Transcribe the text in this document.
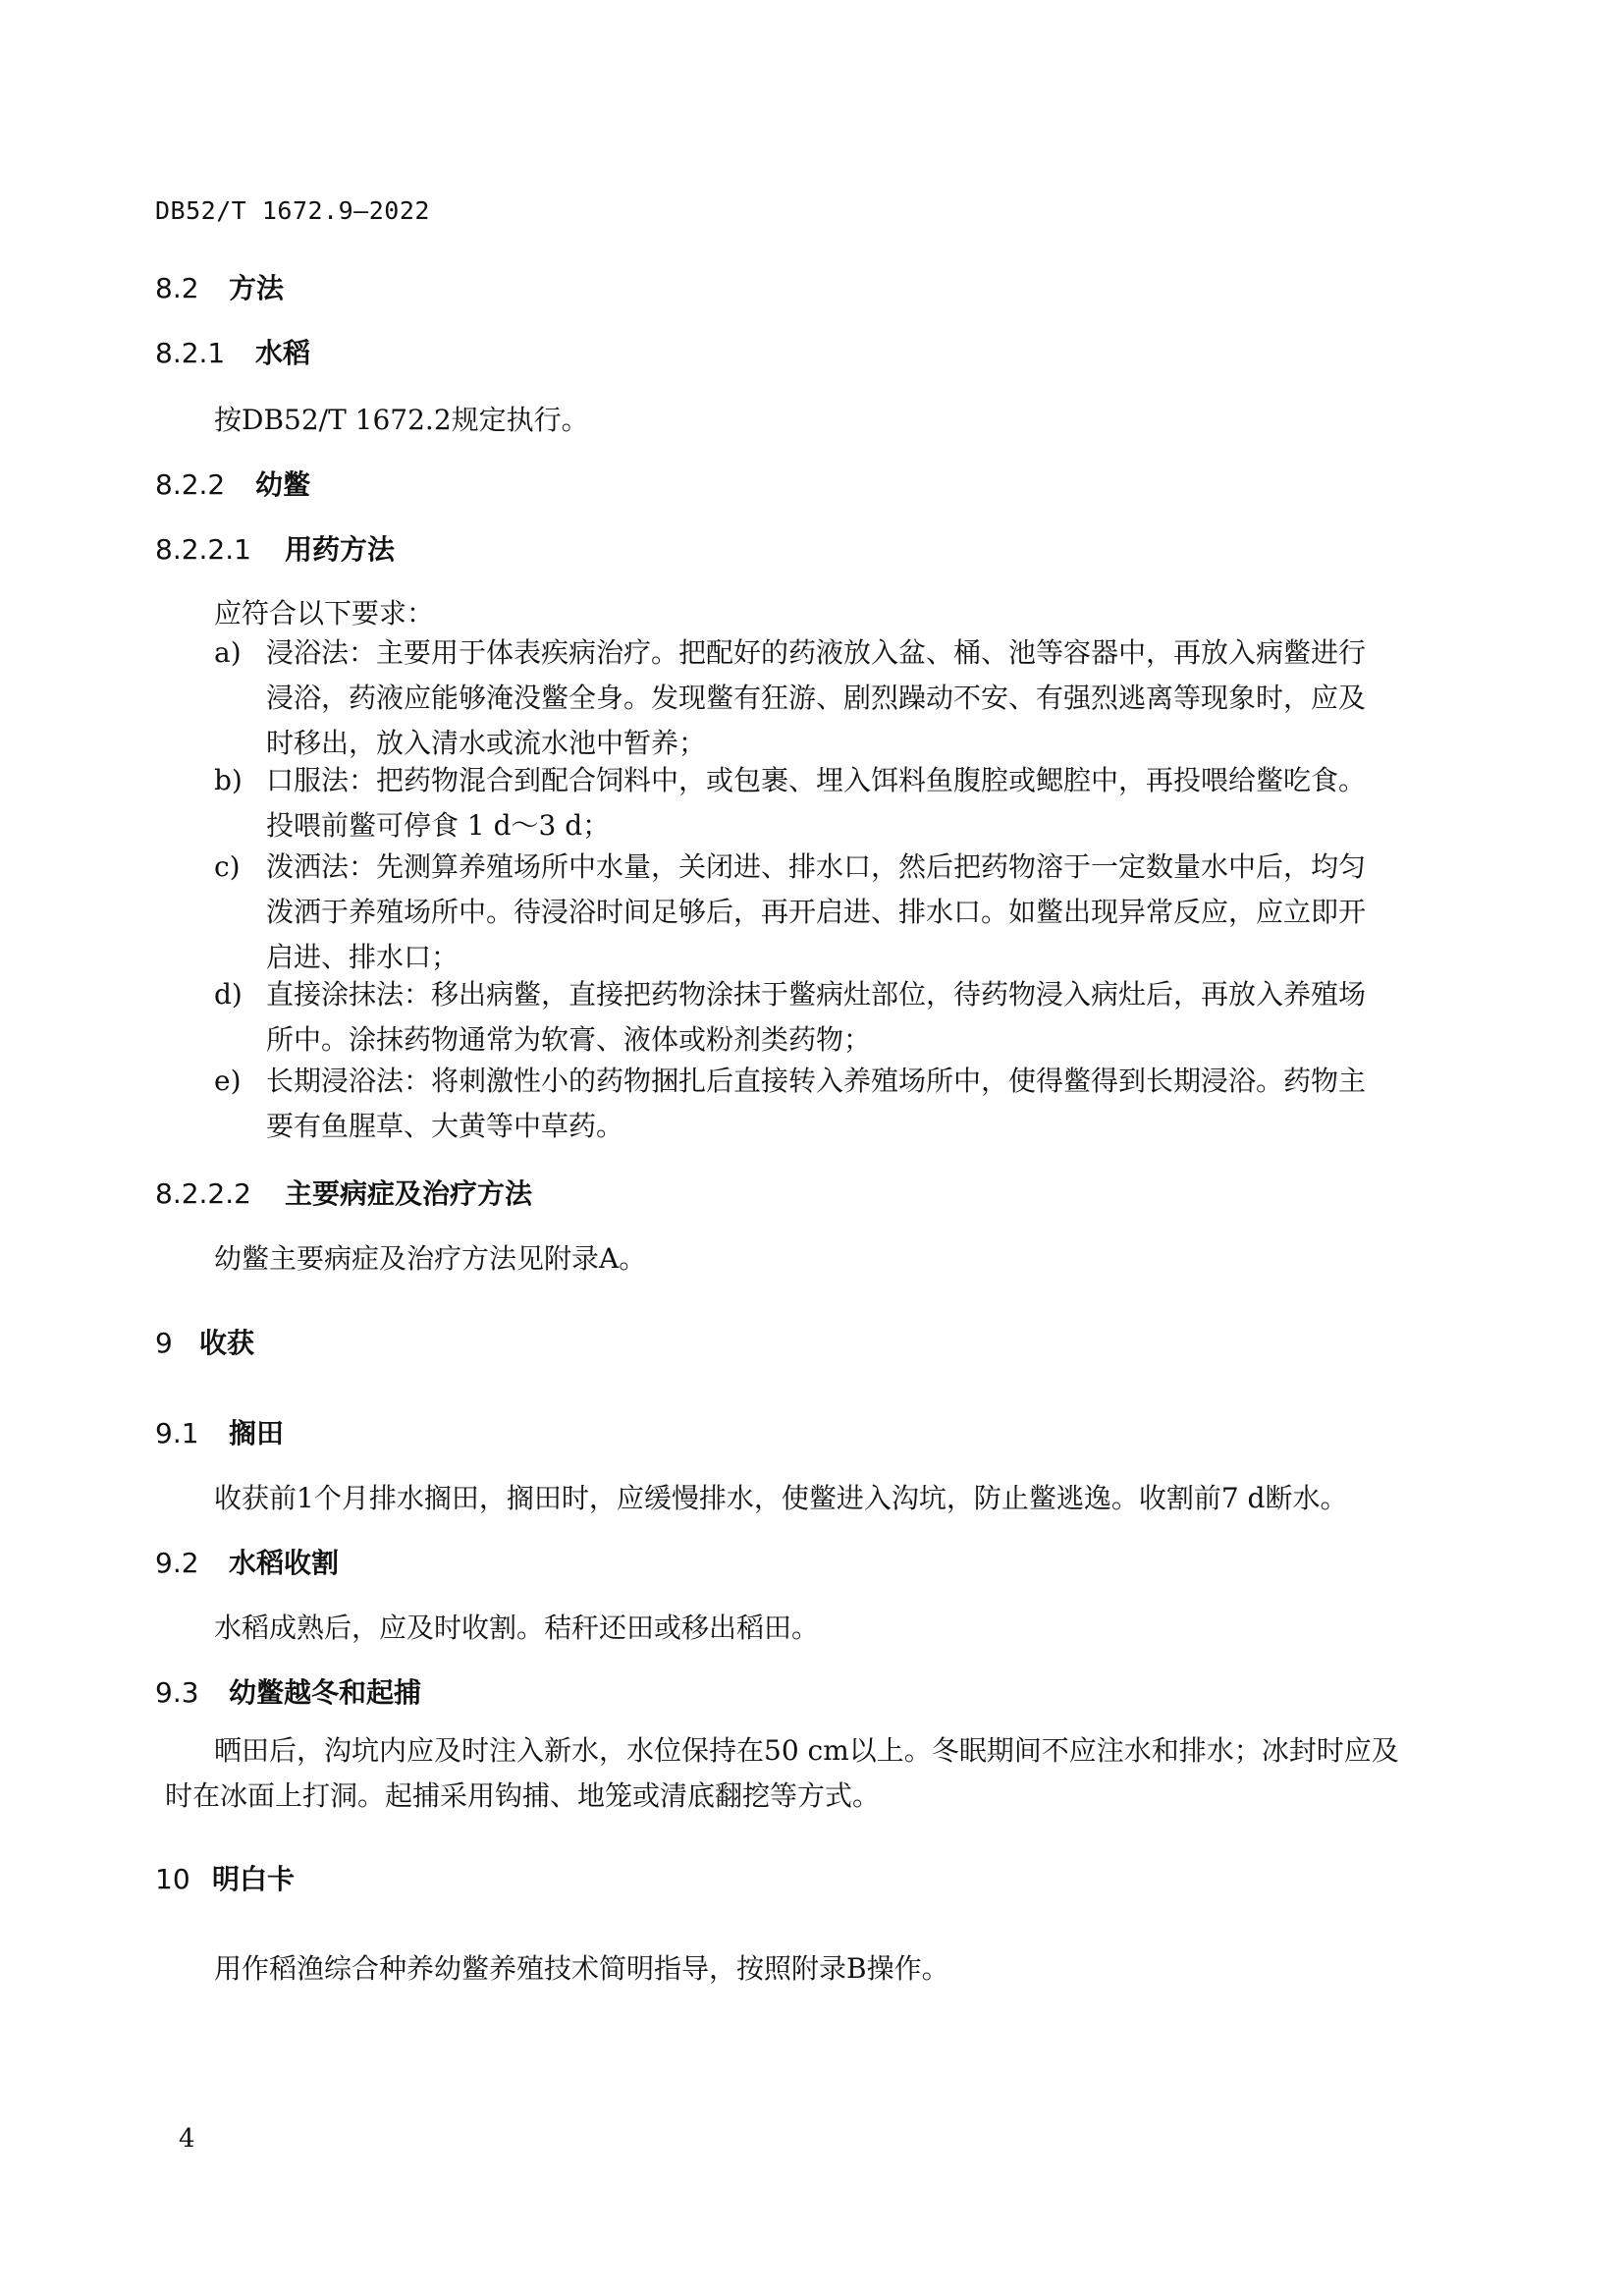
DB52/T 1672.9—2022
8.2 方法
8.2.1 水稻
按DB52/T 1672.2规定执行。
8.2.2 幼鳖
8.2.2.1 用药方法
应符合以下要求：
a) 浸浴法：主要用于体表疾病治疗。把配好的药液放入盆、桶、池等容器中，再放入病鳖进行
浸浴，药液应能够淹没鳖全身。发现鳖有狂游、剧烈躁动不安、有强烈逃离等现象时，应及
时移出，放入清水或流水池中暂养；
b) 口服法：把药物混合到配合饲料中，或包裹、埋入饵料鱼腹腔或鳃腔中，再投喂给鳖吃食。
投喂前鳖可停食 1 d～3 d；
c) 泼洒法：先测算养殖场所中水量，关闭进、排水口，然后把药物溶于一定数量水中后，均匀
泼洒于养殖场所中。待浸浴时间足够后，再开启进、排水口。如鳖出现异常反应，应立即开
启进、排水口；
d) 直接涂抹法：移出病鳖，直接把药物涂抹于鳖病灶部位，待药物浸入病灶后，再放入养殖场
所中。涂抹药物通常为软膏、液体或粉剂类药物；
e) 长期浸浴法：将刺激性小的药物捆扎后直接转入养殖场所中，使得鳖得到长期浸浴。药物主
要有鱼腥草、大黄等中草药。
8.2.2.2 主要病症及治疗方法
幼鳖主要病症及治疗方法见附录A。
9 收获
9.1 搁田
收获前1个月排水搁田，搁田时，应缓慢排水，使鳖进入沟坑，防止鳖逃逸。收割前7 d断水。
9.2 水稻收割
水稻成熟后，应及时收割。秸秆还田或移出稻田。
9.3 幼鳖越冬和起捕
晒田后，沟坑内应及时注入新水，水位保持在50 cm以上。冬眠期间不应注水和排水；冰封时应及
时在冰面上打洞。起捕采用钩捕、地笼或清底翻挖等方式。
10 明白卡
用作稻渔综合种养幼鳖养殖技术简明指导，按照附录B操作。
4
